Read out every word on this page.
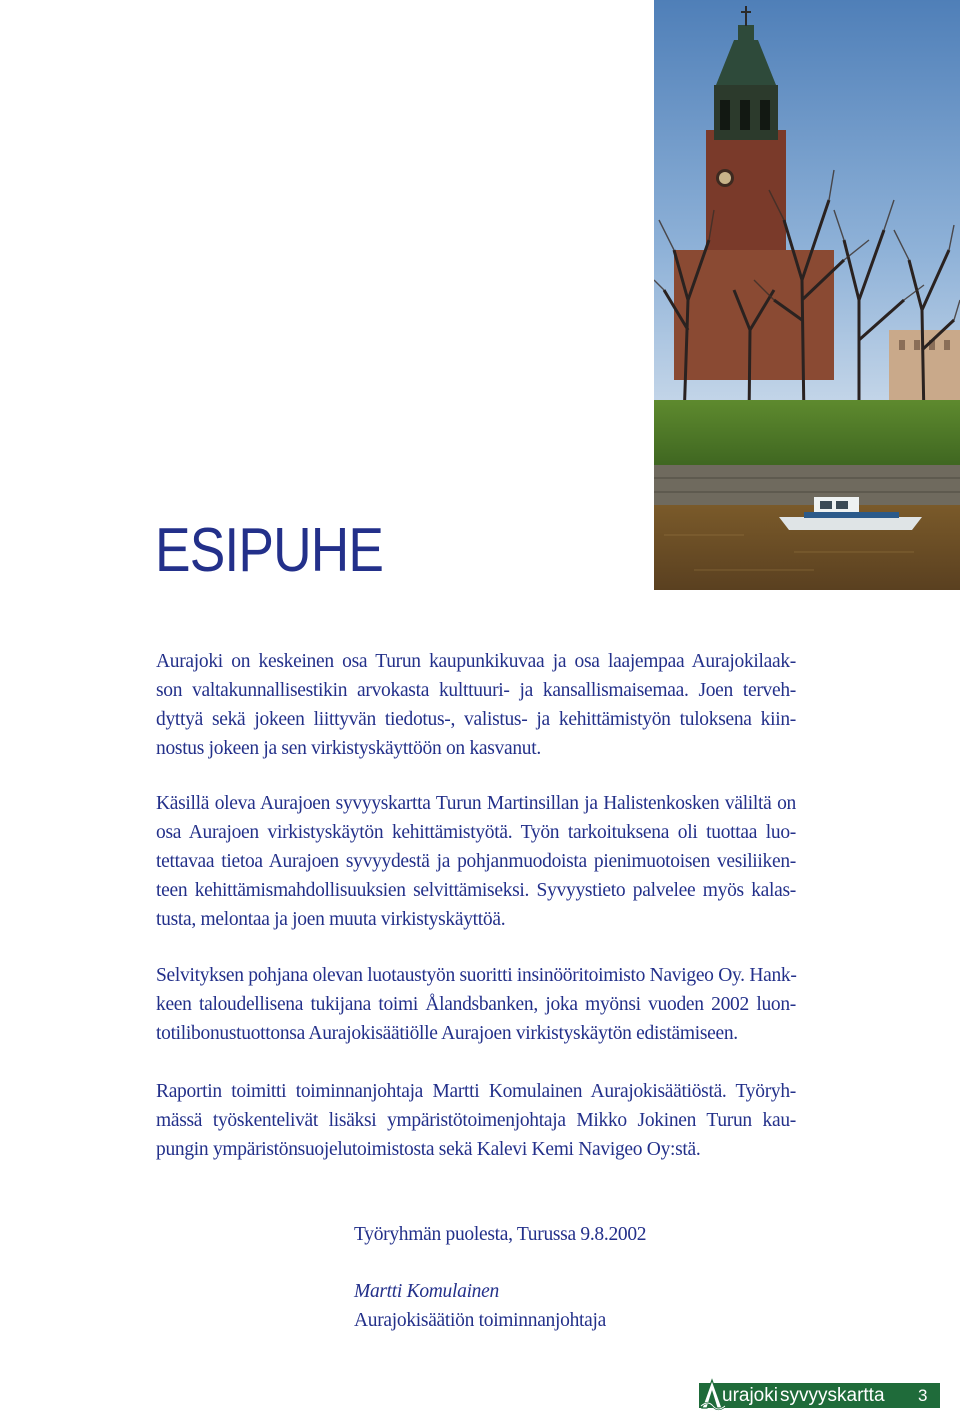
ESIPUHE

Aurajoki on keskeinen osa Turun kaupunkikuvaa ja osa laajempaa Aurajokilaak-
son valtakunnallisestikin arvokasta kulttuuri- ja kansallismaisemaa. Joen terveh-
dyttyä sekä jokeen liittyvän tiedotus-, valistus- ja kehittämistyön tuloksena kiin-
nostus jokeen ja sen virkistyskäyttöön on kasvanut.

Käsillä oleva Aurajoen syvyyskartta Turun Martinsillan ja Halistenkosken väliltä on
osa Aurajoen virkistyskäytön kehittämistyötä. Työn tarkoituksena oli tuottaa luo-
tettavaa tietoa Aurajoen syvyydestä ja pohjanmuodoista pienimuotoisen vesiliiken-
teen kehittämismahdollisuuksien selvittämiseksi. Syvyystieto palvelee myös kalas-
tusta, melontaa ja joen muuta virkistyskäyttöä.

Selvityksen pohjana olevan luotaustyön suoritti insinööritoimisto Navigeo Oy. Hank-
keen taloudellisena tukijana toimi Ålandsbanken, joka myönsi vuoden 2002 luon-
totilibonustuottonsa Aurajokisäätiölle Aurajoen virkistyskäytön edistämiseen.

Raportin toimitti toiminnanjohtaja Martti Komulainen Aurajokisäätiöstä. Työryh-
mässä työskentelivät lisäksi ympäristötoimenjohtaja Mikko Jokinen Turun kau-
pungin ympäristönsuojelutoimistosta sekä Kalevi Kemi Navigeo Oy:stä.

Työryhmän puolesta, Turussa 9.8.2002

Martti Komulainen

Aurajokisäätiön toiminnanjohtaja

urajoki syvyyskartta 3
